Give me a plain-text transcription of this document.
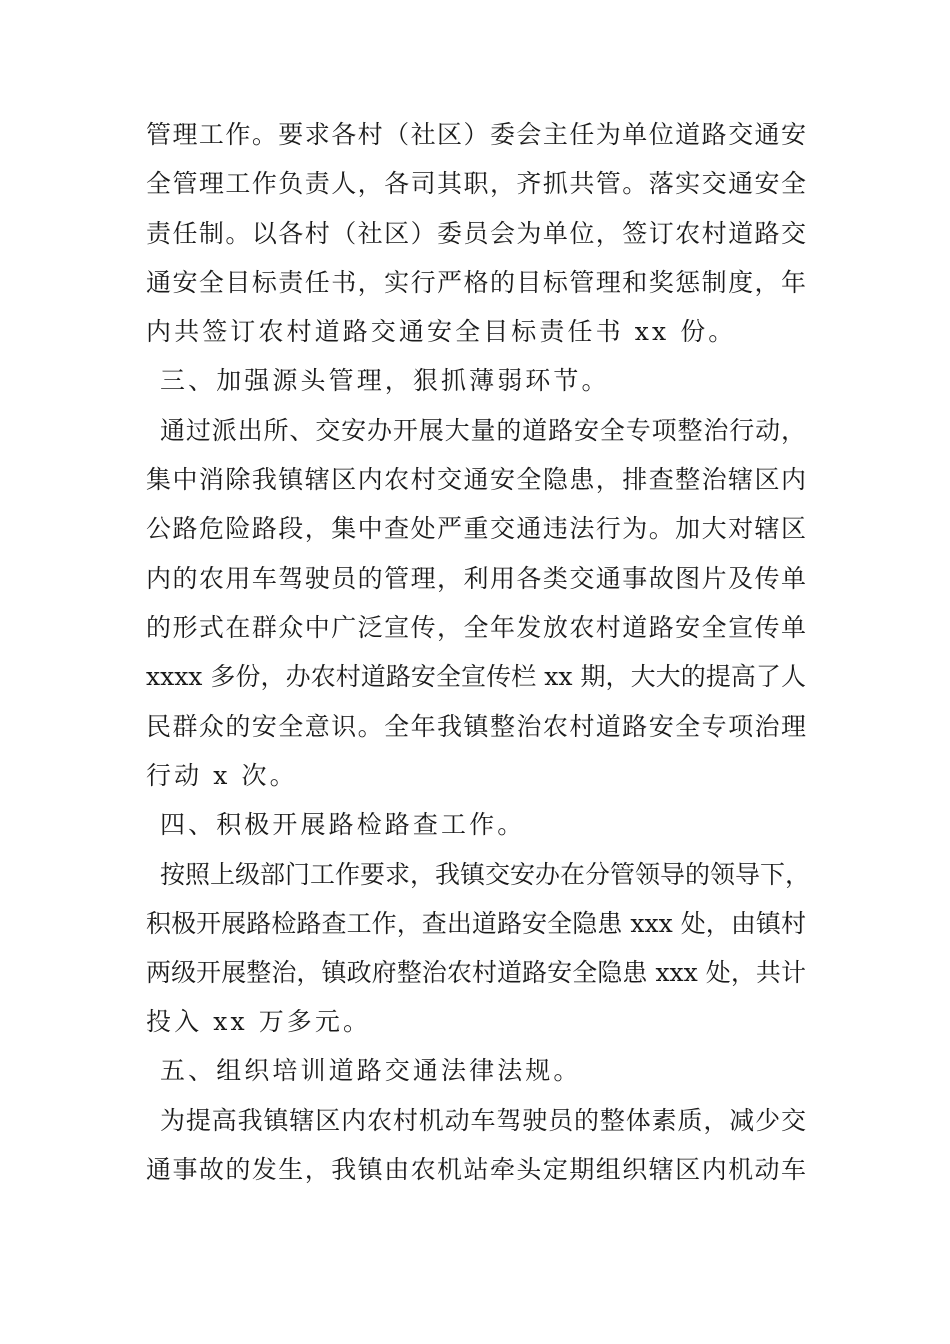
管理工作。要求各村（社区）委会主任为单位道路交通安
全管理工作负责人，各司其职，齐抓共管。落实交通安全
责任制。以各村（社区）委员会为单位，签订农村道路交
通安全目标责任书，实行严格的目标管理和奖惩制度，年
内共签订农村道路交通安全目标责任书 xx 份。
三、加强源头管理，狠抓薄弱环节。
通过派出所、交安办开展大量的道路安全专项整治行动，
集中消除我镇辖区内农村交通安全隐患，排查整治辖区内
公路危险路段，集中查处严重交通违法行为。加大对辖区
内的农用车驾驶员的管理，利用各类交通事故图片及传单
的形式在群众中广泛宣传，全年发放农村道路安全宣传单
xxxx 多份，办农村道路安全宣传栏 xx 期，大大的提高了人
民群众的安全意识。全年我镇整治农村道路安全专项治理
行动 x 次。
四、积极开展路检路查工作。
按照上级部门工作要求，我镇交安办在分管领导的领导下，
积极开展路检路查工作，查出道路安全隐患 xxx 处，由镇村
两级开展整治，镇政府整治农村道路安全隐患 xxx 处，共计
投入 xx 万多元。
五、组织培训道路交通法律法规。
为提高我镇辖区内农村机动车驾驶员的整体素质，减少交
通事故的发生，我镇由农机站牵头定期组织辖区内机动车
